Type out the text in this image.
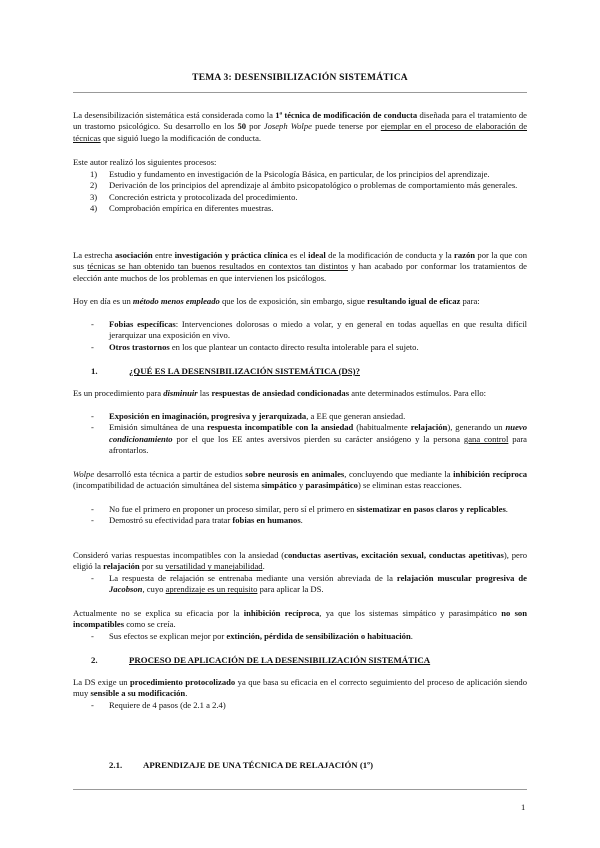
TEMA 3: DESENSIBILIZACIÓN SISTEMÁTICA

La desensibilización sistemática está considerada como la 1ª técnica de modificación de conducta diseñada para el tratamiento de un trastorno psicológico. Su desarrollo en los 50 por Joseph Wolpe puede tenerse por ejemplar en el proceso de elaboración de técnicas que siguió luego la modificación de conducta.

Este autor realizó los siguientes procesos:

1) Estudio y fundamento en investigación de la Psicología Básica, en particular, de los principios del aprendizaje.
2) Derivación de los principios del aprendizaje al ámbito psicopatológico o problemas de comportamiento más generales.
3) Concreción estricta y protocolizada del procedimiento.
4) Comprobación empírica en diferentes muestras.

La estrecha asociación entre investigación y práctica clínica es el ideal de la modificación de conducta y la razón por la que con sus técnicas se han obtenido tan buenos resultados en contextos tan distintos y han acabado por conformar los tratamientos de elección ante muchos de los problemas en que intervienen los psicólogos.

Hoy en día es un método menos empleado que los de exposición, sin embargo, sigue resultando igual de eficaz para:

- Fobias específicas: Intervenciones dolorosas o miedo a volar, y en general en todas aquellas en que resulta difícil jerarquizar una exposición en vivo.
- Otros trastornos en los que plantear un contacto directo resulta intolerable para el sujeto.
1.	¿QUÉ ES LA DESENSIBILIZACIÓN SISTEMÁTICA (DS)?

Es un procedimiento para disminuir las respuestas de ansiedad condicionadas ante determinados estímulos. Para ello:

- Exposición en imaginación, progresiva y jerarquizada, a EE que generan ansiedad.
- Emisión simultánea de una respuesta incompatible con la ansiedad (habitualmente relajación), generando un nuevo condicionamiento por el que los EE antes aversivos pierden su carácter ansiógeno y la persona gana control para afrontarlos.

Wolpe desarrolló esta técnica a partir de estudios sobre neurosis en animales, concluyendo que mediante la inhibición recíproca (incompatibilidad de actuación simultánea del sistema simpático y parasimpático) se eliminan estas reacciones.

- No fue el primero en proponer un proceso similar, pero sí el primero en sistematizar en pasos claros y replicables.
- Demostró su efectividad para tratar fobias en humanos.

Consideró varias respuestas incompatibles con la ansiedad (conductas asertivas, excitación sexual, conductas apetitivas), pero eligió la relajación por su versatilidad y manejabilidad.

- La respuesta de relajación se entrenaba mediante una versión abreviada de la relajación muscular progresiva de Jacobson, cuyo aprendizaje es un requisito para aplicar la DS.

Actualmente no se explica su eficacia por la inhibición recíproca, ya que los sistemas simpático y parasimpático no son incompatibles como se creía.

- Sus efectos se explican mejor por extinción, pérdida de sensibilización o habituación.
2.	PROCESO DE APLICACIÓN DE LA DESENSIBILIZACIÓN SISTEMÁTICA

La DS exige un procedimiento protocolizado ya que basa su eficacia en el correcto seguimiento del proceso de aplicación siendo muy sensible a su modificación.

- Requiere de 4 pasos (de 2.1 a 2.4)
2.1. APRENDIZAJE DE UNA TÉCNICA DE RELAJACIÓN (1º)
1
